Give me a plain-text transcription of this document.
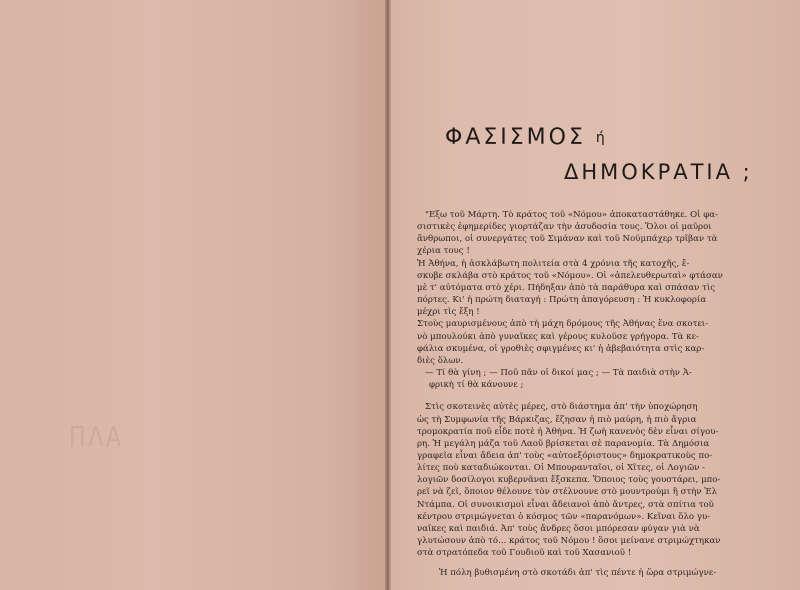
ΠΛΑ
ΦΑΣΙΣΜΟΣ ή
ΔΗΜΟΚΡΑΤΙΑ ;
"Εξω τοῦ Μάρτη. Τὸ κράτος τοῦ «Νόμου» ἀποκαταστάθηκε. Οἱ φα-
σιστικὲς ἐφημερίδες γιορτάζαν τὴν ἀσυδοσία τους. Ὅλοι οἱ μαῦροι
ἄνθρωποι, οἱ συνεργάτες τοῦ Σιμάναν καὶ τοῦ Νοϋμπάχερ τρῖβαν τὰ
χέρια τους !
Ἡ Ἀθήνα, ἡ ἀσκλάβωτη πολιτεία στὰ 4 χρόνια τῆς κατοχῆς, ἔ-
σκυβε σκλάβα στὸ κράτος τοῦ «Νόμου». Οἱ «ἀπελευθερωταὶ» φτάσαν
μὲ τ' αὐτόματα στὸ χέρι. Πήδηξαν ἀπὸ τὰ παράθυρα καὶ σπάσαν τὶς
πόρτες. Κι' ἡ πρώτη διαταγή : Πρώτη ἀπαγόρευση : Ἡ κυκλοφορία
μέχρι τὶς ἔξη !
Στοὺς μαυρισμένους ἀπὸ τὴ μάχη δρόμους τῆς Ἀθήνας ἕνα σκοτει-
νὸ μπουλούκι ἀπὸ γυναῖκες καὶ γέρους κυλοῦσε γρήγορα. Τὰ κε-
φάλια σκυμένα, οἱ γροθιὲς σφιγμένες κι' ἡ ἀβεβαιότητα στὶς καρ-
διὲς ὅλων.
— Τί θὰ γίνη ; — Ποῦ πᾶν οἱ δικοί μας ; — Τὰ παιδιὰ στὴν Ἀ-
φρικὴ τί θὰ κάνουνε ;
Στὶς σκοτεινὲς αὐτὲς μέρες, στὸ διάστημα ἀπ' τὴν ὑποχώρηση
ὡς τὴ Συμφωνία τῆς Βάρκιζας, ἔζησαν ἡ πιὸ μαύρη, ἡ πιὸ ἄγρια
τρομοκρατία ποῦ εἶδε ποτὲ ἡ Ἀθήνα. Ἡ ζωὴ κανενὸς δὲν εἶναι σίγου-
ρη. Ἡ μεγάλη μάζα τοῦ Λαοῦ βρίσκεται σὲ παρανομία. Τὰ Δημόσια
γραφεῖα εἶναι ἄδεια ἀπ' τοὺς «αὐτοεξόριστους» δημοκρατικοὺς πο-
λίτες ποὺ καταδιώκονται. Οἱ Μπουρανταῖοι, οἱ Χῖτες, οἱ Λογιῶν -
λογιῶν δοσίλογοι κυβερνᾶναι ἔξσκεπα. Ὅποιος τοὺς γουστάρει, μπο-
ρεῖ νὰ ζεῖ, ὅποιον θέλουνε τὸν στέλνουνε στὸ μουντρούμι ἢ στὴν Ἐλ
Ντάμπα. Οἱ συνοικισμοὶ εἶναι ἄδειανοὶ ἀπὸ ἄντρες, στὰ σπίτια τοῦ
κέντρου στριμώγνεται ὁ κόσμος τῶν «παρανόμων». Κεῖναι ὅλο γυ-
ναῖκες καὶ παιδιά. Ἀπ' τοὺς ἄνδρες ὅσοι μπόρεσαν φύγαν γιὰ νὰ
γλυτώσουν ἀπὸ τό... κράτος τοῦ Νόμου ! ὅσοι μείνανε στριμώχτηκαν
στὰ στρατόπεδα τοῦ Γουδιοῦ καὶ τοῦ Χασανιοῦ !
Ἡ πόλη βυθισμένη στὸ σκοτάδι ἀπ' τὶς πέντε ἡ ὥρα στριμώγνε-
